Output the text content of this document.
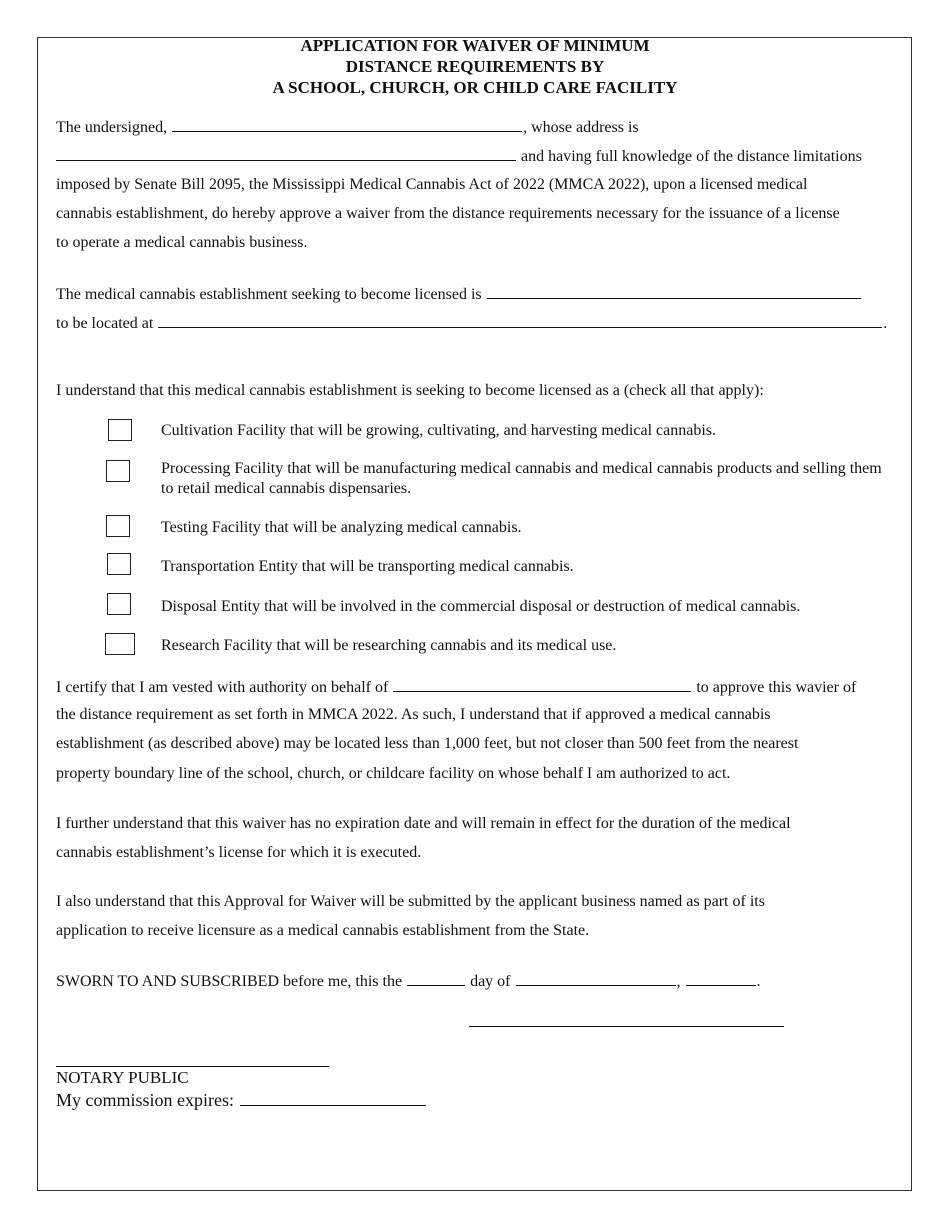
APPLICATION FOR WAIVER OF MINIMUM
DISTANCE REQUIREMENTS BY
A SCHOOL, CHURCH, OR CHILD CARE FACILITY
The undersigned,	, whose address is
and having full knowledge of the distance limitations
imposed by Senate Bill 2095, the Mississippi Medical Cannabis Act of 2022 (MMCA 2022), upon a licensed medical
cannabis establishment, do hereby approve a waiver from the distance requirements necessary for the issuance of a license
to operate a medical cannabis business.
The medical cannabis establishment seeking to become licensed is
to be located at	.
I understand that this medical cannabis establishment is seeking to become licensed as a (check all that apply):
Cultivation Facility that will be growing, cultivating, and harvesting medical cannabis.
Processing Facility that will be manufacturing medical cannabis and medical cannabis products and selling them to retail medical cannabis dispensaries.
Testing Facility that will be analyzing medical cannabis.
Transportation Entity that will be transporting medical cannabis.
Disposal Entity that will be involved in the commercial disposal or destruction of medical cannabis.
Research Facility that will be researching cannabis and its medical use.
I certify that I am vested with authority on behalf of	to approve this wavier of
the distance requirement as set forth in MMCA 2022. As such, I understand that if approved a medical cannabis
establishment (as described above) may be located less than 1,000 feet, but not closer than 500 feet from the nearest
property boundary line of the school, church, or childcare facility on whose behalf I am authorized to act.
I further understand that this waiver has no expiration date and will remain in effect for the duration of the medical
cannabis establishment’s license for which it is executed.
I also understand that this Approval for Waiver will be submitted by the applicant business named as part of its
application to receive licensure as a medical cannabis establishment from the State.
SWORN TO AND SUBSCRIBED before me, this the	day of	,	.
NOTARY PUBLIC
My commission expires:
